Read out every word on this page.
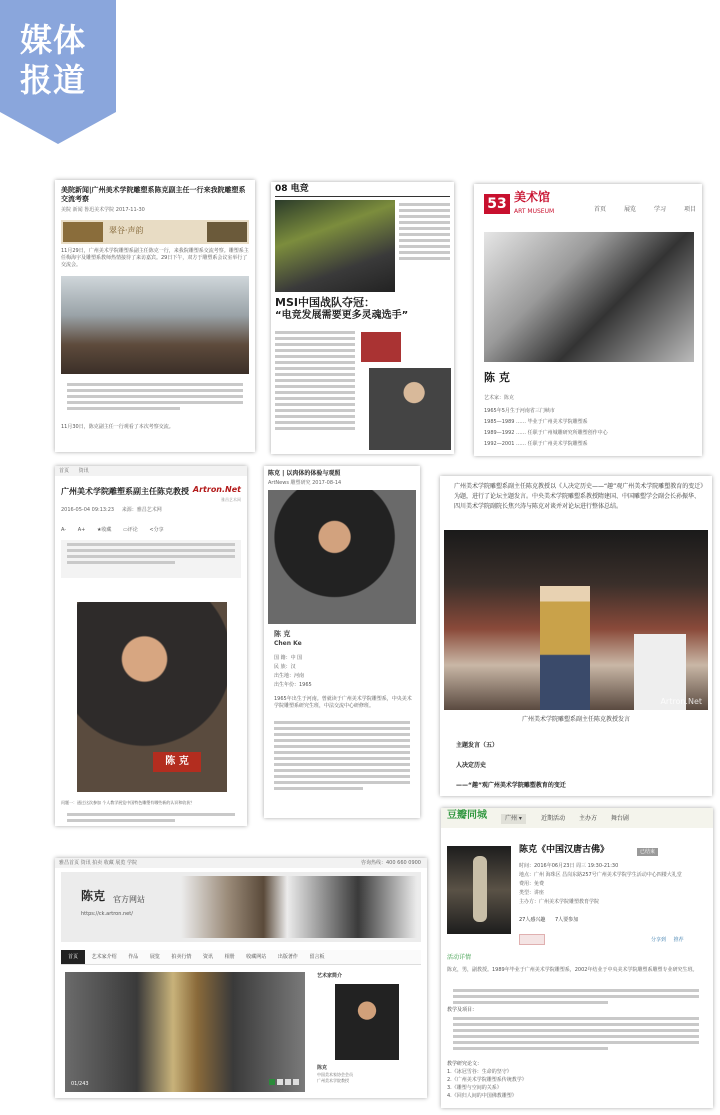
媒体
报道
美院新闻|广州美术学院雕塑系陈克副主任一行来我院雕塑系交流考察
美院 新闻 鲁迅美术学院 2017-11-30
翠谷·声韵
11月29日，广州美术学院雕塑系副主任陈克一行，来我院雕塑系交流考察。雕塑系主任梅海宇及雕塑系教师热情接待了来访嘉宾。29日下午，双方于雕塑系会议室举行了交流会。
11月30日，陈克副主任一行观看了本次考察交流。
08 电竞
MSI中国战队夺冠：
“电竞发展需要更多灵魂选手”
53 美术馆
ART MUSEUM	首页	展览	学习	项目
陈 克
艺术家：陈克
1965年5月生于河南省三门峡市
1985—1989 …… 毕业于广州美术学院雕塑系
1989—1992 …… 任职于广州城雕研究所雕塑创作中心
1992—2001 …… 任职于广州美术学院雕塑系
首页 资讯
广州美术学院雕塑系副主任陈克教授 Artron.Net
雅昌艺术网
2016-05-04 09:13:23 来源：雅昌艺术网
A- A+ ★收藏 ▭评论 <分享
陈 克
问题一：通过这次参加 个人教学展览中国特色雕塑有哪些新的认识和收获？
陈克 | 以肉体的体验与观照
ArtNews 雕塑研究 2017-08-14
陈 克
Chen Ke
国 籍：中 国
民 族：汉
出生地：河南
出生年份：1965
1965年出生于河南。曾就读于广州美术学院雕塑系，中央美术学院雕塑系研究生班，中法交流中心研修班。
广州美术学院雕塑系副主任陈克教授以《人决定历史——“趣”观广州美术学院雕塑教育的变迁》为题，进行了论坛主题发言。中央美术学院雕塑系教授隋建国、中国雕塑学会副会长孙振华、四川美术学院副院长焦兴涛与陈克对谈并对论坛进行整体总结。
Artron.Net
广州美术学院雕塑系副主任陈克教授发言
主题发言（五）
人决定历史
——“趣”观广州美术学院雕塑教育的变迁
豆瓣同城	广州 ▾	近期活动 主办方 舞台剧
陈克《中国汉唐古佛》	已结束
时间：2016年06月23日 周三 19:30-21:30
地点：广州 海珠区 昌岗东路257号广州美术学院学生活动中心四楼大礼堂
费用：免费
类型：讲座
主办方：广州美术学院雕塑教育学院
27人感兴趣 7人要参加
分享到 推荐
活动详情
陈克，男，副教授。1989年毕业于广州美术学院雕塑系，2002年结业于中央美术学院雕塑系雕塑专业研究生班。
教学及项目：
教学研究论文：
1.《冰冠雪谷：生命的坚守》
2.《广州美术学院雕塑系传统教学》
3.《雕塑与空间的关系》
4.《回归人间的中国佛教雕塑》
雅昌首页 资讯 拍卖 收藏 展览 学院	咨询热线：400 660 0900
陈克 官方网站
https://ck.artron.net/
首页	艺术家介绍 作品 展览 拍卖行情 资讯 相册 收藏网站 出版著作 留言板
01/243
艺术家简介
陈克
中国美术家协会会员
广州美术学院教授
